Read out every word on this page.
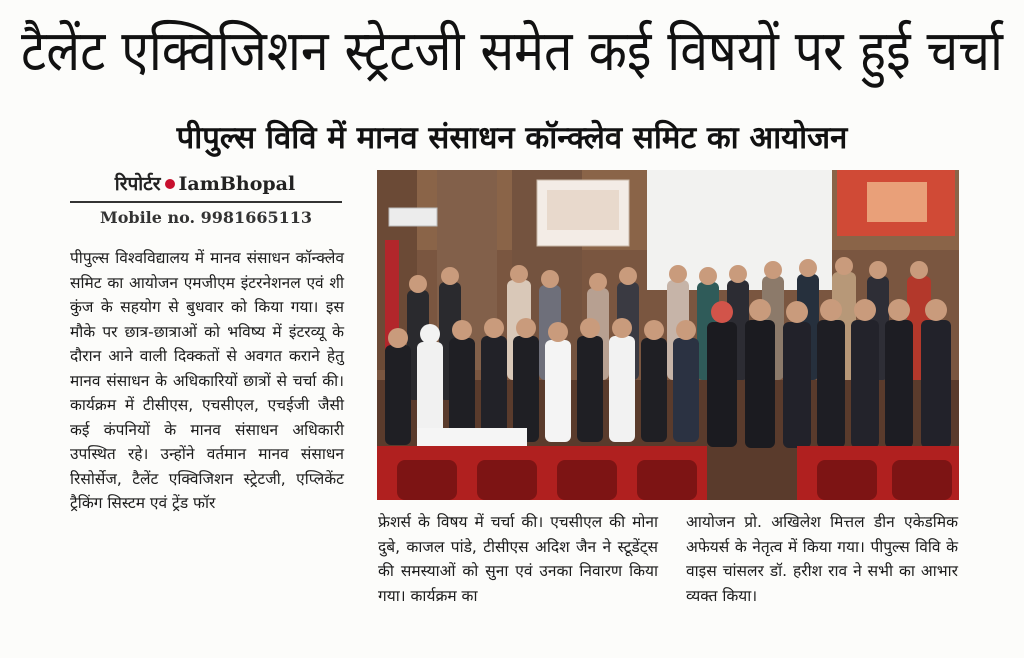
टैलेंट एक्विजिशन स्ट्रेटजी समेत कई विषयों पर हुई चर्चा
पीपुल्स विवि में मानव संसाधन कॉन्क्लेव समिट का आयोजन
रिपोर्टर IamBhopal
Mobile no. 9981665113

पीपुल्स विश्वविद्यालय में मानव संसाधन कॉन्क्लेव समिट का आयोजन एमजीएम इंटरनेशनल एवं शी कुंज के सहयोग से बुधवार को किया गया। इस मौके पर छात्र-छात्राओं को भविष्य में इंटरव्यू के दौरान आने वाली दिक्कतों से अवगत कराने हेतु मानव संसाधन के अधिकारियों छात्रों से चर्चा की। कार्यक्रम में टीसीएस, एचसीएल, एचईजी जैसी कई कंपनियों के मानव संसाधन अधिकारी उपस्थित रहे। उन्होंने वर्तमान मानव संसाधन रिसोर्सेज, टैलेंट एक्विजिशन स्ट्रेटजी, एप्लिकेंट ट्रैकिंग सिस्टम एवं ट्रेंड फॉर

फ्रेशर्स के विषय में चर्चा की। एचसीएल की मोना दुबे, काजल पांडे, टीसीएस अदिश जैन ने स्टूडेंट्स की समस्याओं को सुना एवं उनका निवारण किया गया। कार्यक्रम का

आयोजन प्रो. अखिलेश मित्तल डीन एकेडमिक अफेयर्स के नेतृत्व में किया गया। पीपुल्स विवि के वाइस चांसलर डॉ. हरीश राव ने सभी का आभार व्यक्त किया।
